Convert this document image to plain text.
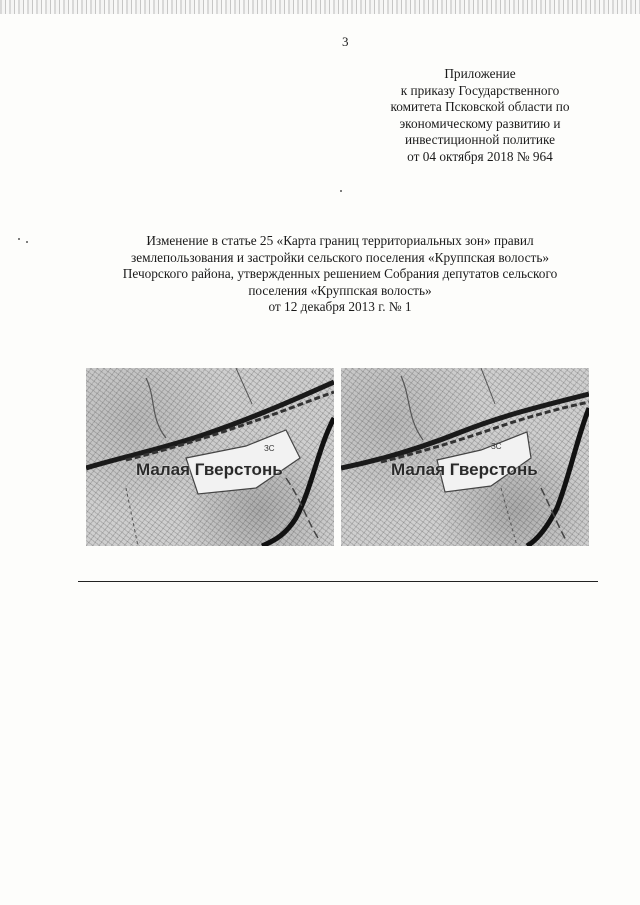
3
Приложение
к приказу Государственного
комитета Псковской области по
экономическому развитию и
инвестиционной политике
от 04 октября 2018 № 964
Изменение в статье 25 «Карта границ территориальных зон» правил
землепользования и застройки сельского поселения «Круппская волость»
Печорского района, утвержденных решением Собрания депутатов сельского
поселения «Круппская волость»
от 12 декабря 2013 г. № 1
ЗС
Малая Гверстонь
ЗС
Малая Гверстонь
